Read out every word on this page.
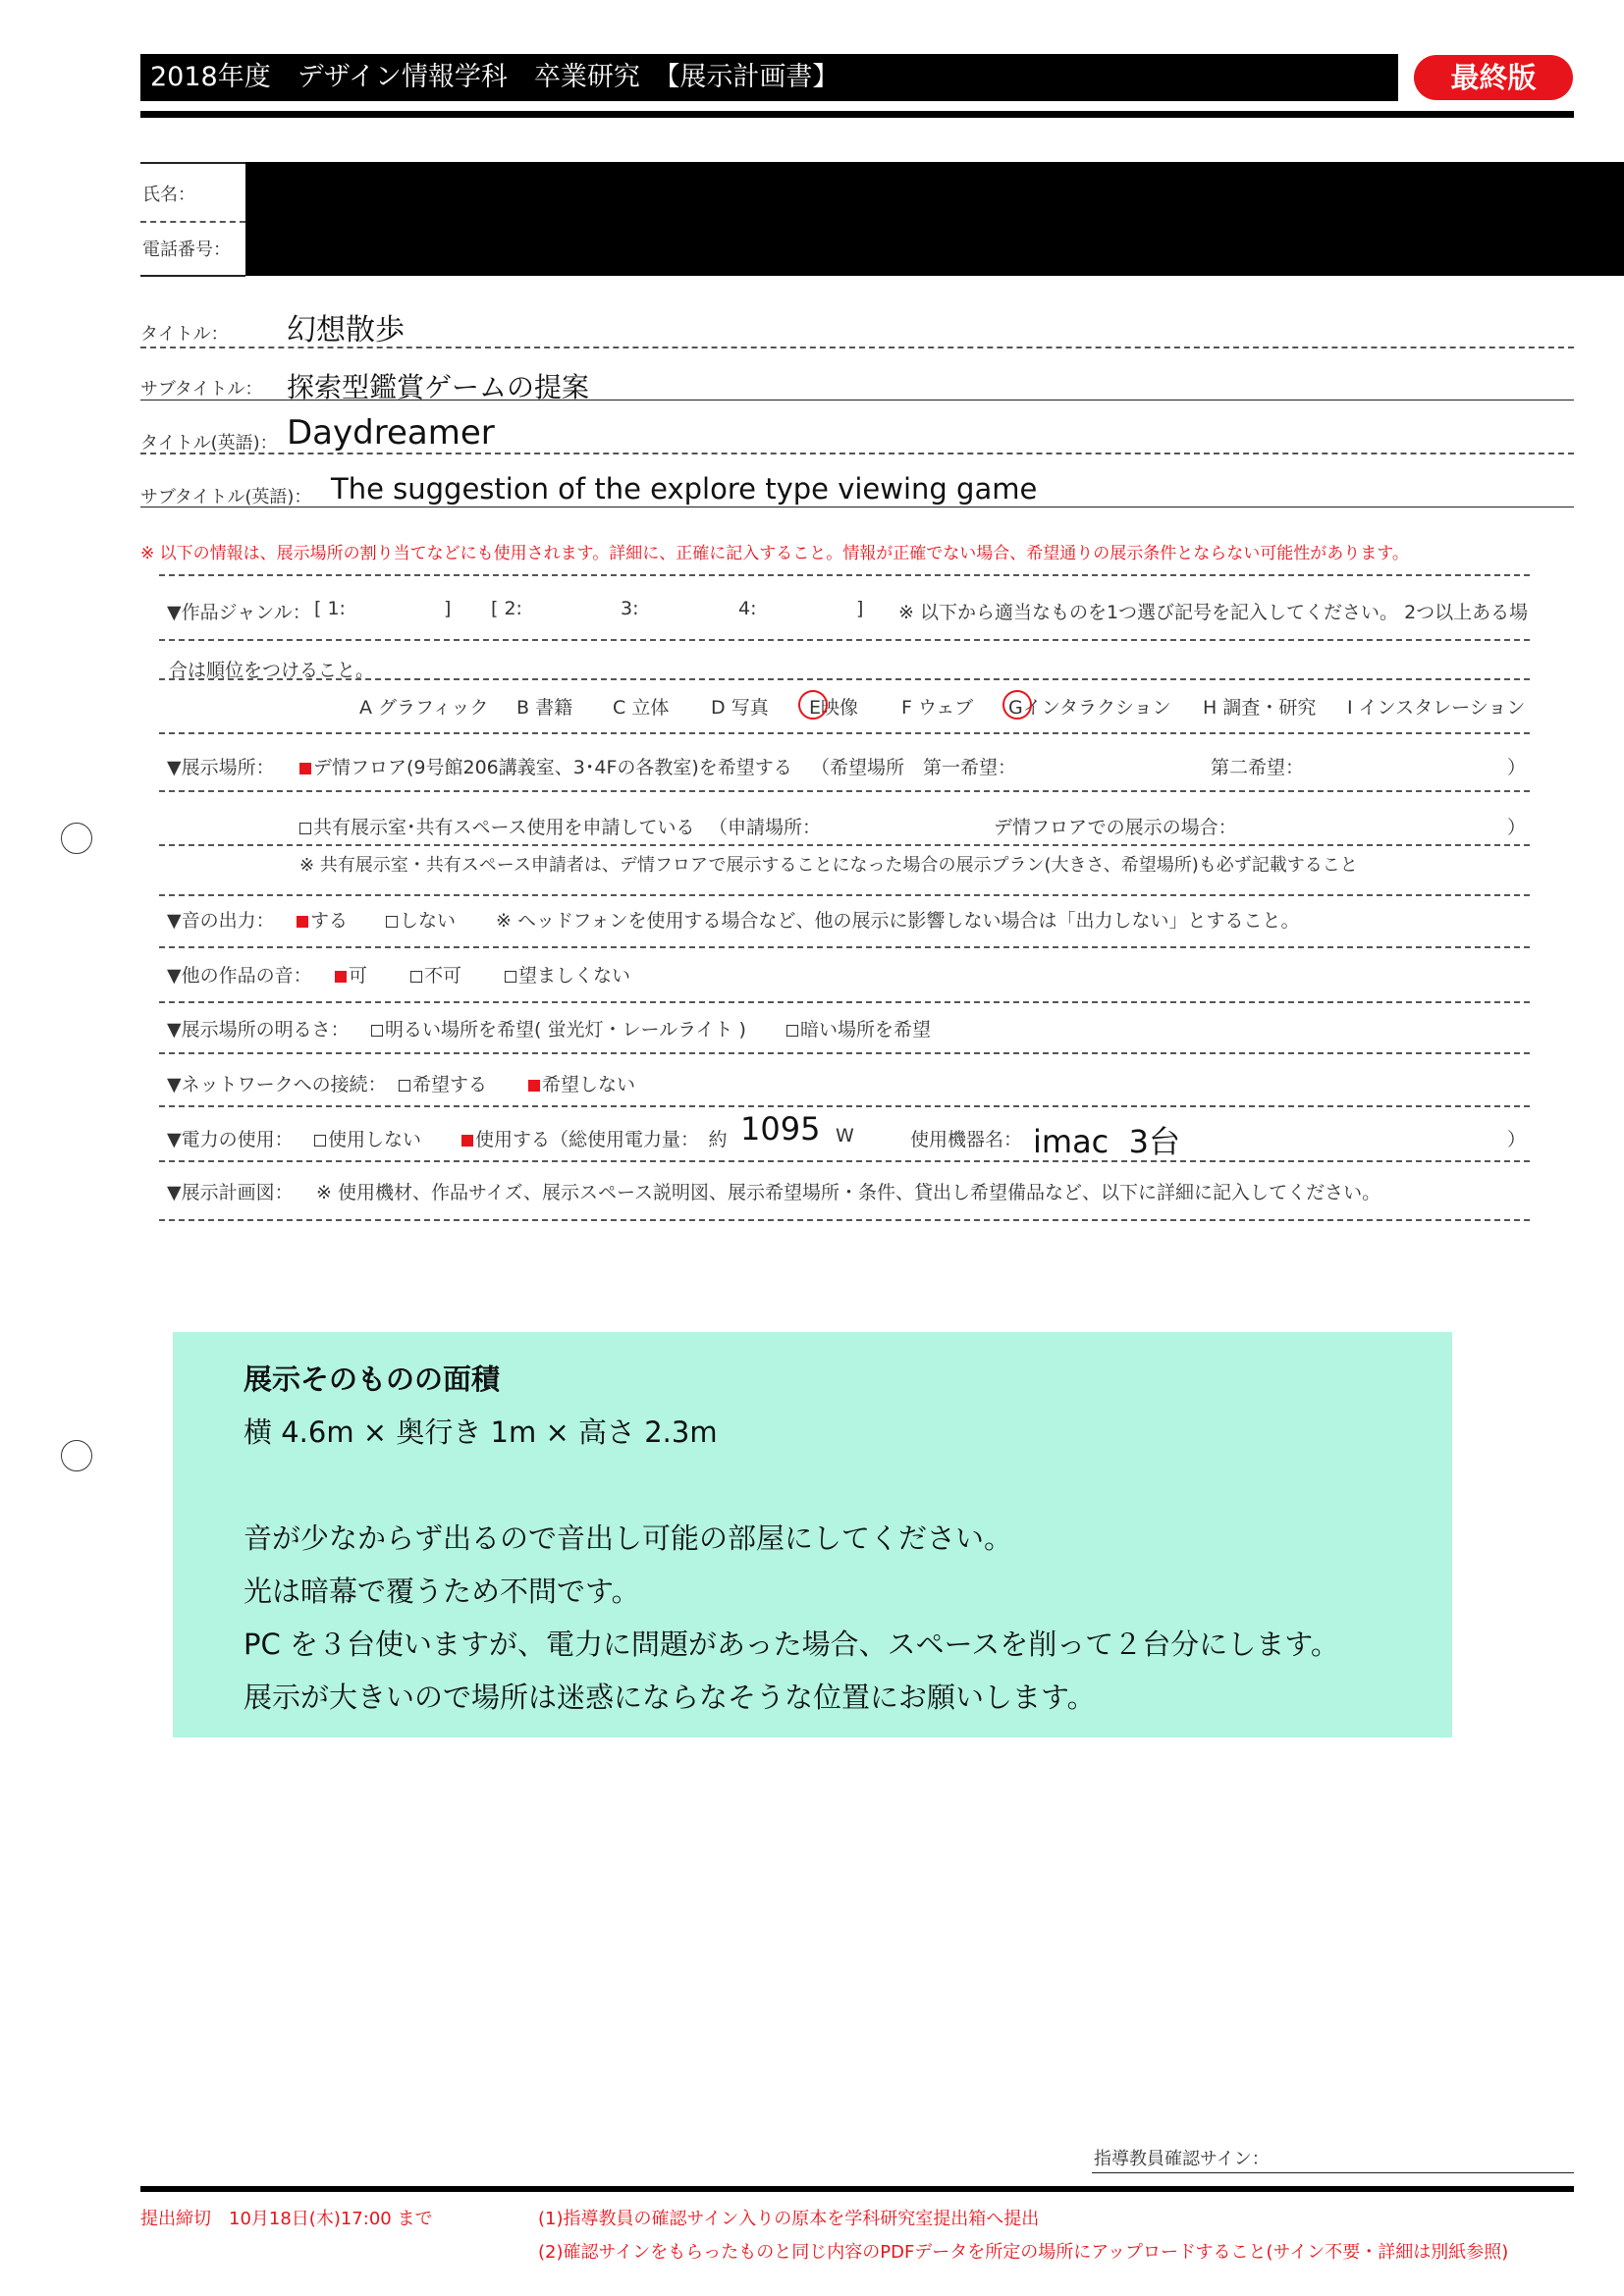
2018年度　デザイン情報学科　卒業研究　【展示計画書】	最終版
氏名：
電話番号：
タイトル： 幻想散歩
サブタイトル： 探索型鑑賞ゲームの提案
タイトル(英語)： Daydreamer
サブタイトル(英語)： The suggestion of the explore type viewing game
※ 以下の情報は、展示場所の割り当てなどにも使用されます。詳細に、正確に記入すること。情報が正確でない場合、希望通りの展示条件とならない可能性があります。
▼作品ジャンル： [ 1:	] [ 2:	3:	4:	] ※ 以下から適当なものを1つ選び記号を記入してください。 2つ以上ある場
合は順位をつけること。
A グラフィック B 書籍 C 立体 D 写真 E映像 F ウェブ Gインタラクション H 調査・研究 I インスタレーション
▼展示場所：	デ情フロア(9号館206講義室、3･4Fの各教室)を希望する （希望場所　第一希望：	第二希望：	）
共有展示室･共有スペース使用を申請している （申請場所：	デ情フロアでの展示の場合：	）
※ 共有展示室・共有スペース申請者は、デ情フロアで展示することになった場合の展示プラン(大きさ、希望場所)も必ず記載すること
▼音の出力：	する	しない ※ ヘッドフォンを使用する場合など、他の展示に影響しない場合は「出力しない」とすること。
▼他の作品の音：	可	不可	望ましくない
▼展示場所の明るさ：	明るい場所を希望( 蛍光灯・レールライト )	暗い場所を希望
▼ネットワークへの接続：	希望する	希望しない
▼電力の使用：	使用しない	使用する（総使用電力量：　約 1095 W	使用機器名： imac  3台	）
▼展示計画図： ※ 使用機材、作品サイズ、展示スペース説明図、展示希望場所・条件、貸出し希望備品など、以下に詳細に記入してください。
展示そのものの面積
横 4.6m × 奥行き 1m × 高さ 2.3m
音が少なからず出るので音出し可能の部屋にしてください。
光は暗幕で覆うため不問です。
PC を３台使いますが、電力に問題があった場合、スペースを削って２台分にします。
展示が大きいので場所は迷惑にならなそうな位置にお願いします。
指導教員確認サイン：
提出締切　10月18日(木)17:00 まで	(1)指導教員の確認サイン入りの原本を学科研究室提出箱へ提出
(2)確認サインをもらったものと同じ内容のPDFデータを所定の場所にアップロードすること(サイン不要・詳細は別紙参照)
